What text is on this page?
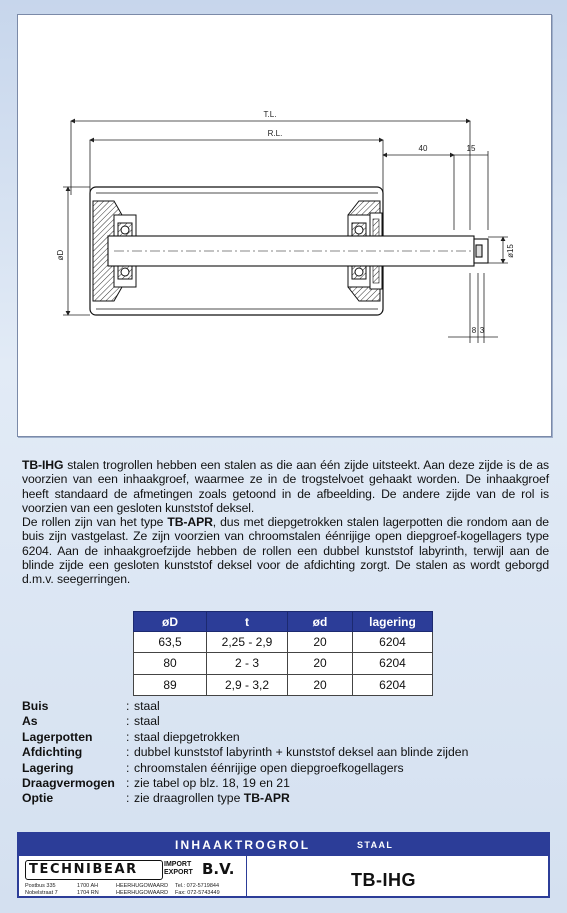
T.L.
R.L.
40	15
øD	ø15
8 3

TB-IHG stalen trogrollen hebben een stalen as die aan één zijde uitsteekt. Aan deze zijde is de as voorzien van een inhaakgroef, waarmee ze in de trogstelvoet gehaakt worden. De inhaakgroef heeft standaard de afmetingen zoals getoond in de afbeelding. De andere zijde van de rol is voorzien van een gesloten kunststof deksel.

De rollen zijn van het type TB-APR, dus met diepgetrokken stalen lagerpotten die rondom aan de buis zijn vastgelast. Ze zijn voorzien van chroomstalen éénrijige open diepgroef-kogellagers type 6204. Aan de inhaakgroefzijde hebben de rollen een dubbel kunststof labyrinth, terwijl aan de blinde zijde een gesloten kunststof deksel voor de afdichting zorgt. De stalen as wordt geborgd d.m.v. seegerringen.

øD	t	ød	lagering
63,5	2,25 - 2,9	20	6204
80	2 - 3	20	6204
89	2,9 - 3,2	20	6204
Buis	: staal
As	: staal
Lagerpotten	: staal diepgetrokken
Afdichting	: dubbel kunststof labyrinth + kunststof deksel aan blinde zijden
Lagering	: chroomstalen éénrijige open diepgroefkogellagers
Draagvermogen : zie tabel op blz. 18, 19 en 21
Optie	: zie draagrollen type TB-APR
INHAAKTROGROL	STAAL
TECHNIBEAR	IMPORT
EXPORT B.V.
Postbus 335
Nobelstraat 7
1700 AH
1704 RN
HEERHUGOWAARD
HEERHUGOWAARD
Tel.: 072-5719844
Fax: 072-5743449
TB-IHG
